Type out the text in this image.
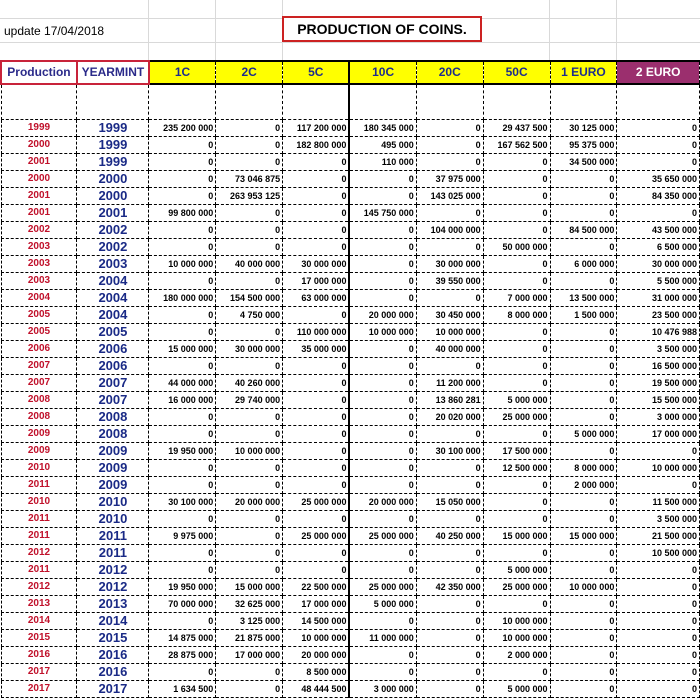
update 17/04/2018	PRODUCTION OF COINS.
Production	YEARMINT	1C	2C	5C	10C	20C	50C	1 EURO	2 EURO

1999	1999	235 200 000	0	117 200 000	180 345 000	0	29 437 500	30 125 000	0
2000	1999	0	0	182 800 000	495 000	0	167 562 500	95 375 000	0
2001	1999	0	0	0	110 000	0	0	34 500 000	0
2000	2000	0	73 046 875	0	0	37 975 000	0	0	35 650 000
2001	2000	0	263 953 125	0	0	143 025 000	0	0	84 350 000
2001	2001	99 800 000	0	0	145 750 000	0	0	0	0
2002	2002	0	0	0	0	104 000 000	0	84 500 000	43 500 000
2003	2002	0	0	0	0	0	50 000 000	0	6 500 000
2003	2003	10 000 000	40 000 000	30 000 000	0	30 000 000	0	6 000 000	30 000 000
2003	2004	0	0	17 000 000	0	39 550 000	0	0	5 500 000
2004	2004	180 000 000	154 500 000	63 000 000	0	0	7 000 000	13 500 000	31 000 000
2005	2004	0	4 750 000	0	20 000 000	30 450 000	8 000 000	1 500 000	23 500 000
2005	2005	0	0	110 000 000	10 000 000	10 000 000	0	0	10 476 988
2006	2006	15 000 000	30 000 000	35 000 000	0	40 000 000	0	0	3 500 000
2007	2006	0	0	0	0	0	0	0	16 500 000
2007	2007	44 000 000	40 260 000	0	0	11 200 000	0	0	19 500 000
2008	2007	16 000 000	29 740 000	0	0	13 860 281	5 000 000	0	15 500 000
2008	2008	0	0	0	0	20 020 000	25 000 000	0	3 000 000
2009	2008	0	0	0	0	0	0	5 000 000	17 000 000
2009	2009	19 950 000	10 000 000	0	0	30 100 000	17 500 000	0	0
2010	2009	0	0	0	0	0	12 500 000	8 000 000	10 000 000
2011	2009	0	0	0	0	0	0	2 000 000	0
2010	2010	30 100 000	20 000 000	25 000 000	20 000 000	15 050 000	0	0	11 500 000
2011	2010	0	0	0	0	0	0	0	3 500 000
2011	2011	9 975 000	0	25 000 000	25 000 000	40 250 000	15 000 000	15 000 000	21 500 000
2012	2011	0	0	0	0	0	0	0	10 500 000
2011	2012	0	0	0	0	0	5 000 000	0	0
2012	2012	19 950 000	15 000 000	22 500 000	25 000 000	42 350 000	25 000 000	10 000 000	0
2013	2013	70 000 000	32 625 000	17 000 000	5 000 000	0	0	0	0
2014	2014	0	3 125 000	14 500 000	0	0	10 000 000	0	0
2015	2015	14 875 000	21 875 000	10 000 000	11 000 000	0	10 000 000	0	0
2016	2016	28 875 000	17 000 000	20 000 000	0	0	2 000 000	0	0
2017	2016	0	0	8 500 000	0	0	0	0	0
2017	2017	1 634 500	0	48 444 500	3 000 000	0	5 000 000	0	0
